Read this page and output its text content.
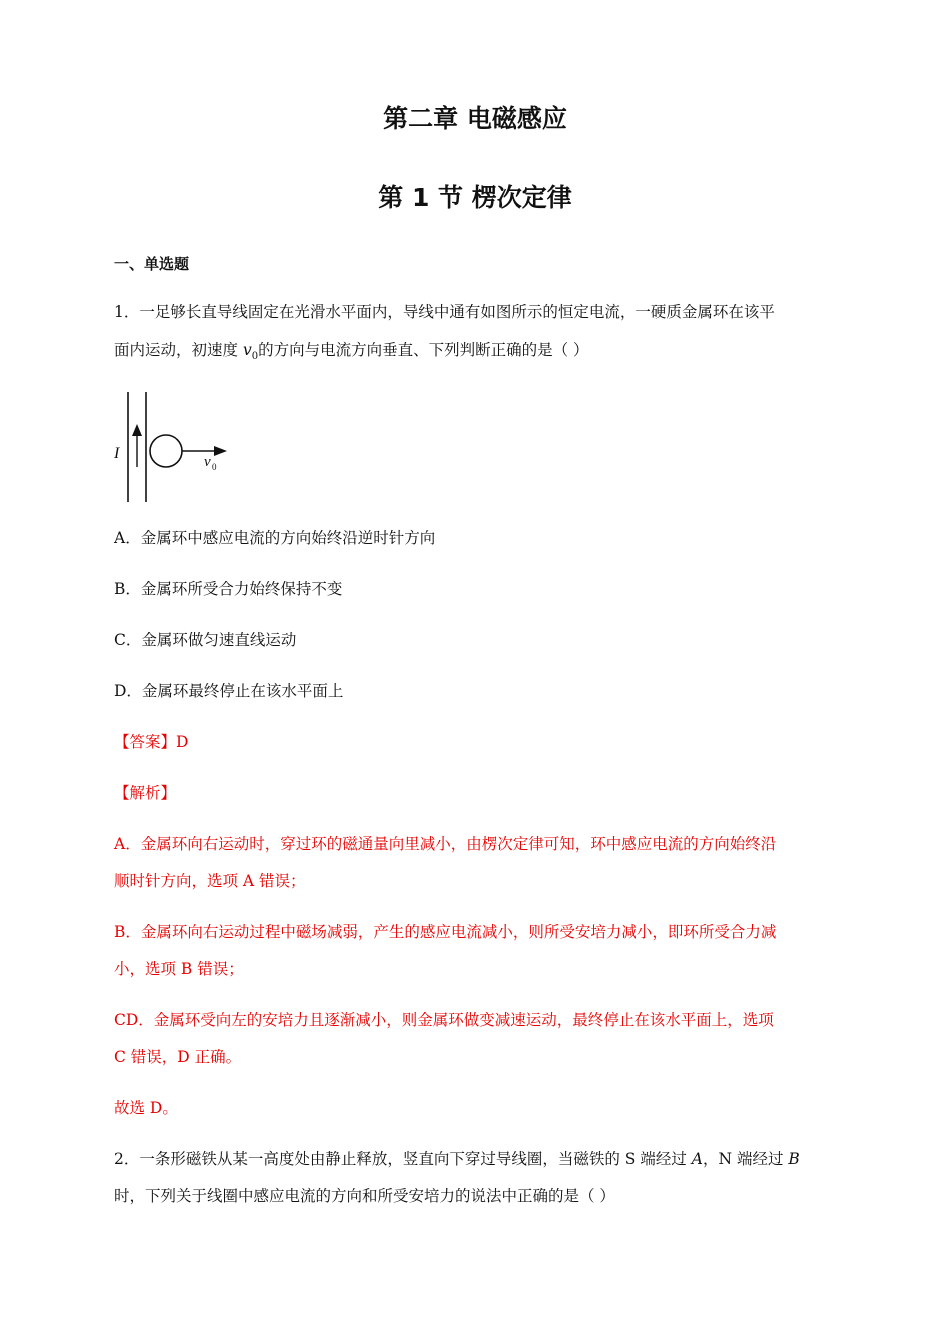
第二章 电磁感应
第 1 节 楞次定律
一、单选题
1．一足够长直导线固定在光滑水平面内，导线中通有如图所示的恒定电流，一硬质金属环在该平
面内运动，初速度 $v_0$的方向与电流方向垂直、下列判断正确的是（ ）
I	v 0
A．金属环中感应电流的方向始终沿逆时针方向
B．金属环所受合力始终保持不变
C．金属环做匀速直线运动
D．金属环最终停止在该水平面上
【答案】D
【解析】
A．金属环向右运动时，穿过环的磁通量向里减小，由楞次定律可知，环中感应电流的方向始终沿
顺时针方向，选项 A 错误；
B．金属环向右运动过程中磁场减弱，产生的感应电流减小，则所受安培力减小，即环所受合力减
小，选项 B 错误；
CD．金属环受向左的安培力且逐渐减小，则金属环做变减速运动，最终停止在该水平面上，选项
C 错误，D 正确。
故选 D。
2．一条形磁铁从某一高度处由静止释放，竖直向下穿过导线圈，当磁铁的 S 端经过 A，N 端经过 B
时，下列关于线圈中感应电流的方向和所受安培力的说法中正确的是（ ）
